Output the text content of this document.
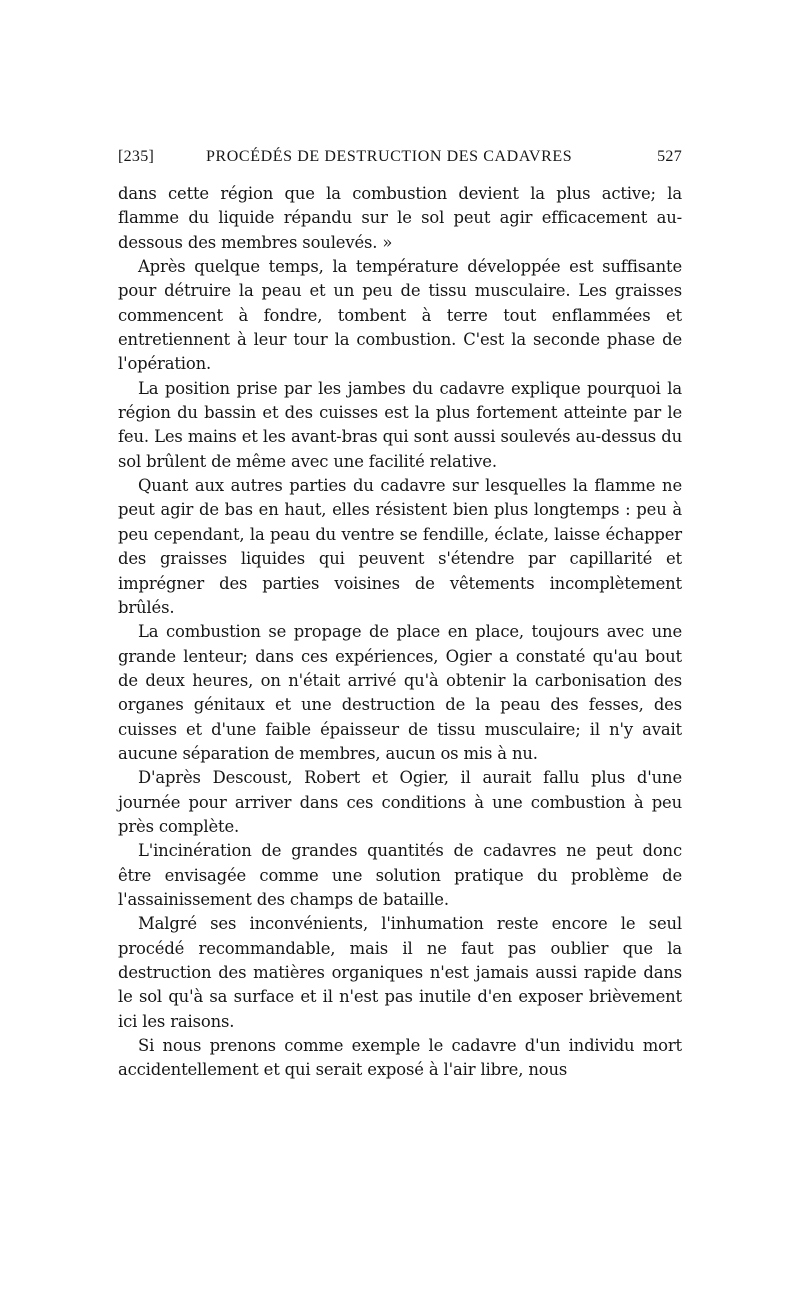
[235]	PROCÉDÉS DE DESTRUCTION DES CADAVRES	527

dans cette région que la combustion devient la plus active; la flamme du liquide répandu sur le sol peut agir efficacement au-dessous des membres soulevés. »

Après quelque temps, la température développée est suffisante pour détruire la peau et un peu de tissu musculaire. Les graisses commencent à fondre, tombent à terre tout enflammées et entretiennent à leur tour la combustion. C'est la seconde phase de l'opération.

La position prise par les jambes du cadavre explique pourquoi la région du bassin et des cuisses est la plus fortement atteinte par le feu. Les mains et les avant-bras qui sont aussi soulevés au-dessus du sol brûlent de même avec une facilité relative.

Quant aux autres parties du cadavre sur lesquelles la flamme ne peut agir de bas en haut, elles résistent bien plus longtemps : peu à peu cependant, la peau du ventre se fendille, éclate, laisse échapper des graisses liquides qui peuvent s'étendre par capillarité et imprégner des parties voisines de vêtements incomplètement brûlés.

La combustion se propage de place en place, toujours avec une grande lenteur; dans ces expériences, Ogier a constaté qu'au bout de deux heures, on n'était arrivé qu'à obtenir la carbonisation des organes génitaux et une destruction de la peau des fesses, des cuisses et d'une faible épaisseur de tissu musculaire; il n'y avait aucune séparation de membres, aucun os mis à nu.

D'après Descoust, Robert et Ogier, il aurait fallu plus d'une journée pour arriver dans ces conditions à une combustion à peu près complète.

L'incinération de grandes quantités de cadavres ne peut donc être envisagée comme une solution pratique du problème de l'assainissement des champs de bataille.

Malgré ses inconvénients, l'inhumation reste encore le seul procédé recommandable, mais il ne faut pas oublier que la destruction des matières organiques n'est jamais aussi rapide dans le sol qu'à sa surface et il n'est pas inutile d'en exposer brièvement ici les raisons.

Si nous prenons comme exemple le cadavre d'un individu mort accidentellement et qui serait exposé à l'air libre, nous
